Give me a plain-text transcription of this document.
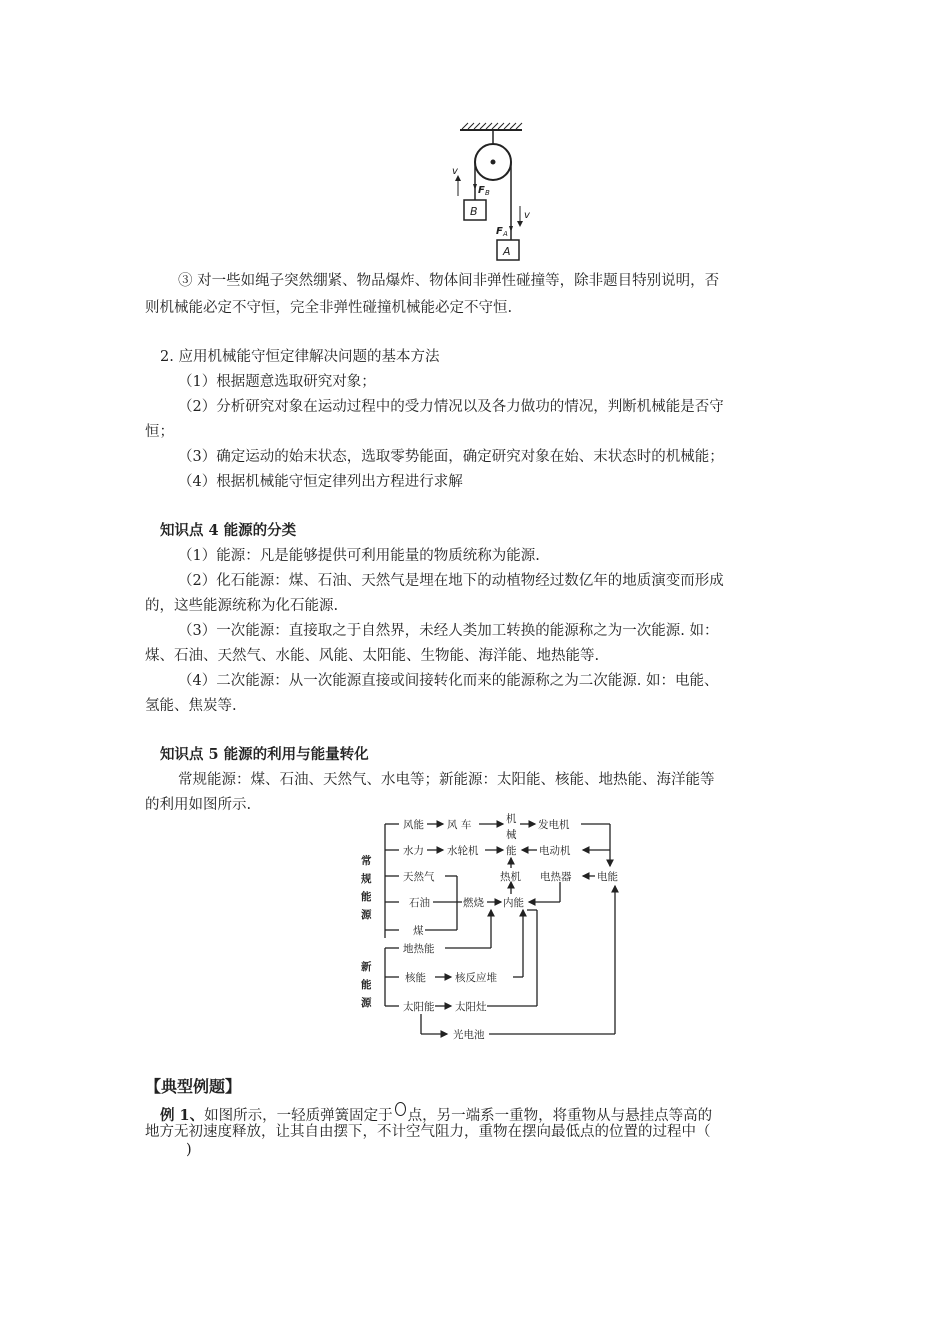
v
F B
B
F A
A
v
③ 对一些如绳子突然绷紧、物品爆炸、物体间非弹性碰撞等，除非题目特别说明，否
则机械能必定不守恒，完全非弹性碰撞机械能必定不守恒.
2. 应用机械能守恒定律解决问题的基本方法
（1）根据题意选取研究对象；
（2）分析研究对象在运动过程中的受力情况以及各力做功的情况，判断机械能是否守
恒；
（3）确定运动的始末状态，选取零势能面，确定研究对象在始、末状态时的机械能；
（4）根据机械能守恒定律列出方程进行求解
知识点 4 能源的分类
（1）能源：凡是能够提供可利用能量的物质统称为能源.
（2）化石能源：煤、石油、天然气是埋在地下的动植物经过数亿年的地质演变而形成
的，这些能源统称为化石能源.
（3）一次能源：直接取之于自然界，未经人类加工转换的能源称之为一次能源. 如：
煤、石油、天然气、水能、风能、太阳能、生物能、海洋能、地热能等.
（4）二次能源：从一次能源直接或间接转化而来的能源称之为二次能源. 如：电能、
氢能、焦炭等.
知识点 5 能源的利用与能量转化
常规能源：煤、石油、天然气、水电等；新能源：太阳能、核能、地热能、海洋能等
的利用如图所示.
常
规
能
源
新
能
源
风能 风 车	机
械
能
发电机
水力 水轮机	电动机
天然气	热机 电热器 电能
石油	燃烧 内能
煤
地热能
核能	核反应堆
太阳能 太阳灶
光电池
【典型例题】
例 1、如图所示，一轻质弹簧固定于 点，另一端系一重物，将重物从与悬挂点等高的
地方无初速度释放，让其自由摆下，不计空气阻力，重物在摆向最低点的位置的过程中（
)
